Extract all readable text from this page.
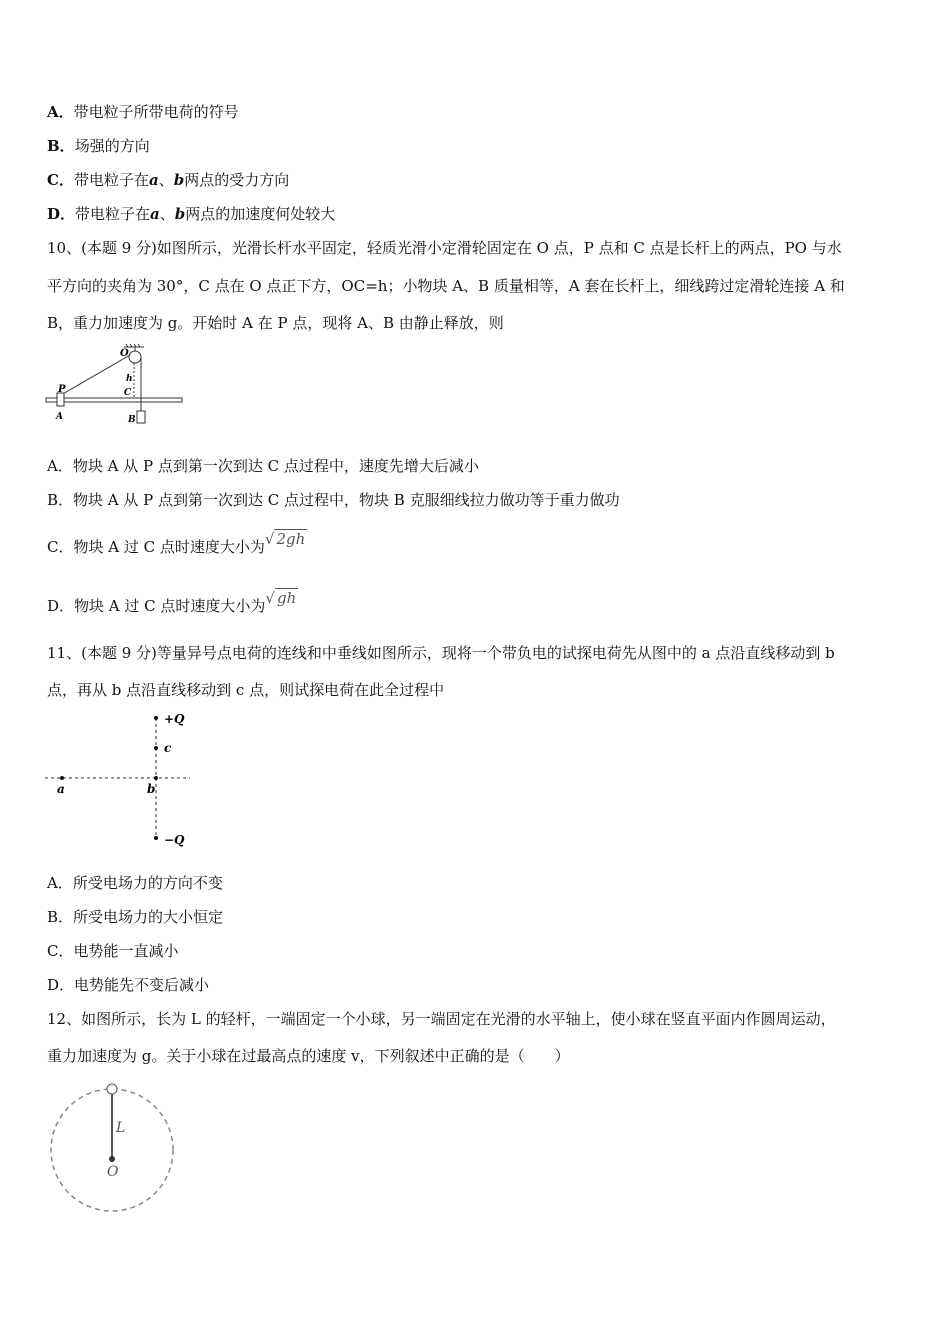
A．带电粒子所带电荷的符号
B．场强的方向
C．带电粒子在a、b两点的受力方向
D．带电粒子在a、b两点的加速度何处较大
10、(本题 9 分)如图所示，光滑长杆水平固定，轻质光滑小定滑轮固定在 O 点，P 点和 C 点是长杆上的两点，PO 与水
平方向的夹角为 30°，C 点在 O 点正下方，OC=h；小物块 A、B 质量相等，A 套在长杆上，细线跨过定滑轮连接 A 和
B，重力加速度为 g。开始时 A 在 P 点，现将 A、B 由静止释放，则
O
P
A
h
C
B
A．物块 A 从 P 点到第一次到达 C 点过程中，速度先增大后减小
B．物块 A 从 P 点到第一次到达 C 点过程中，物块 B 克服细线拉力做功等于重力做功
C．物块 A 过 C 点时速度大小为√ 2gh
D．物块 A 过 C 点时速度大小为√ gh
11、(本题 9 分)等量异号点电荷的连线和中垂线如图所示，现将一个带负电的试探电荷先从图中的 a 点沿直线移动到 b
点，再从 b 点沿直线移动到 c 点，则试探电荷在此全过程中
+Q
c
a	b
−Q
A．所受电场力的方向不变
B．所受电场力的大小恒定
C．电势能一直减小
D．电势能先不变后减小
12、如图所示，长为 L 的轻杆，一端固定一个小球，另一端固定在光滑的水平轴上，使小球在竖直平面内作圆周运动，
重力加速度为 g。关于小球在过最高点的速度 v，下列叙述中正确的是（　　）
L
O
